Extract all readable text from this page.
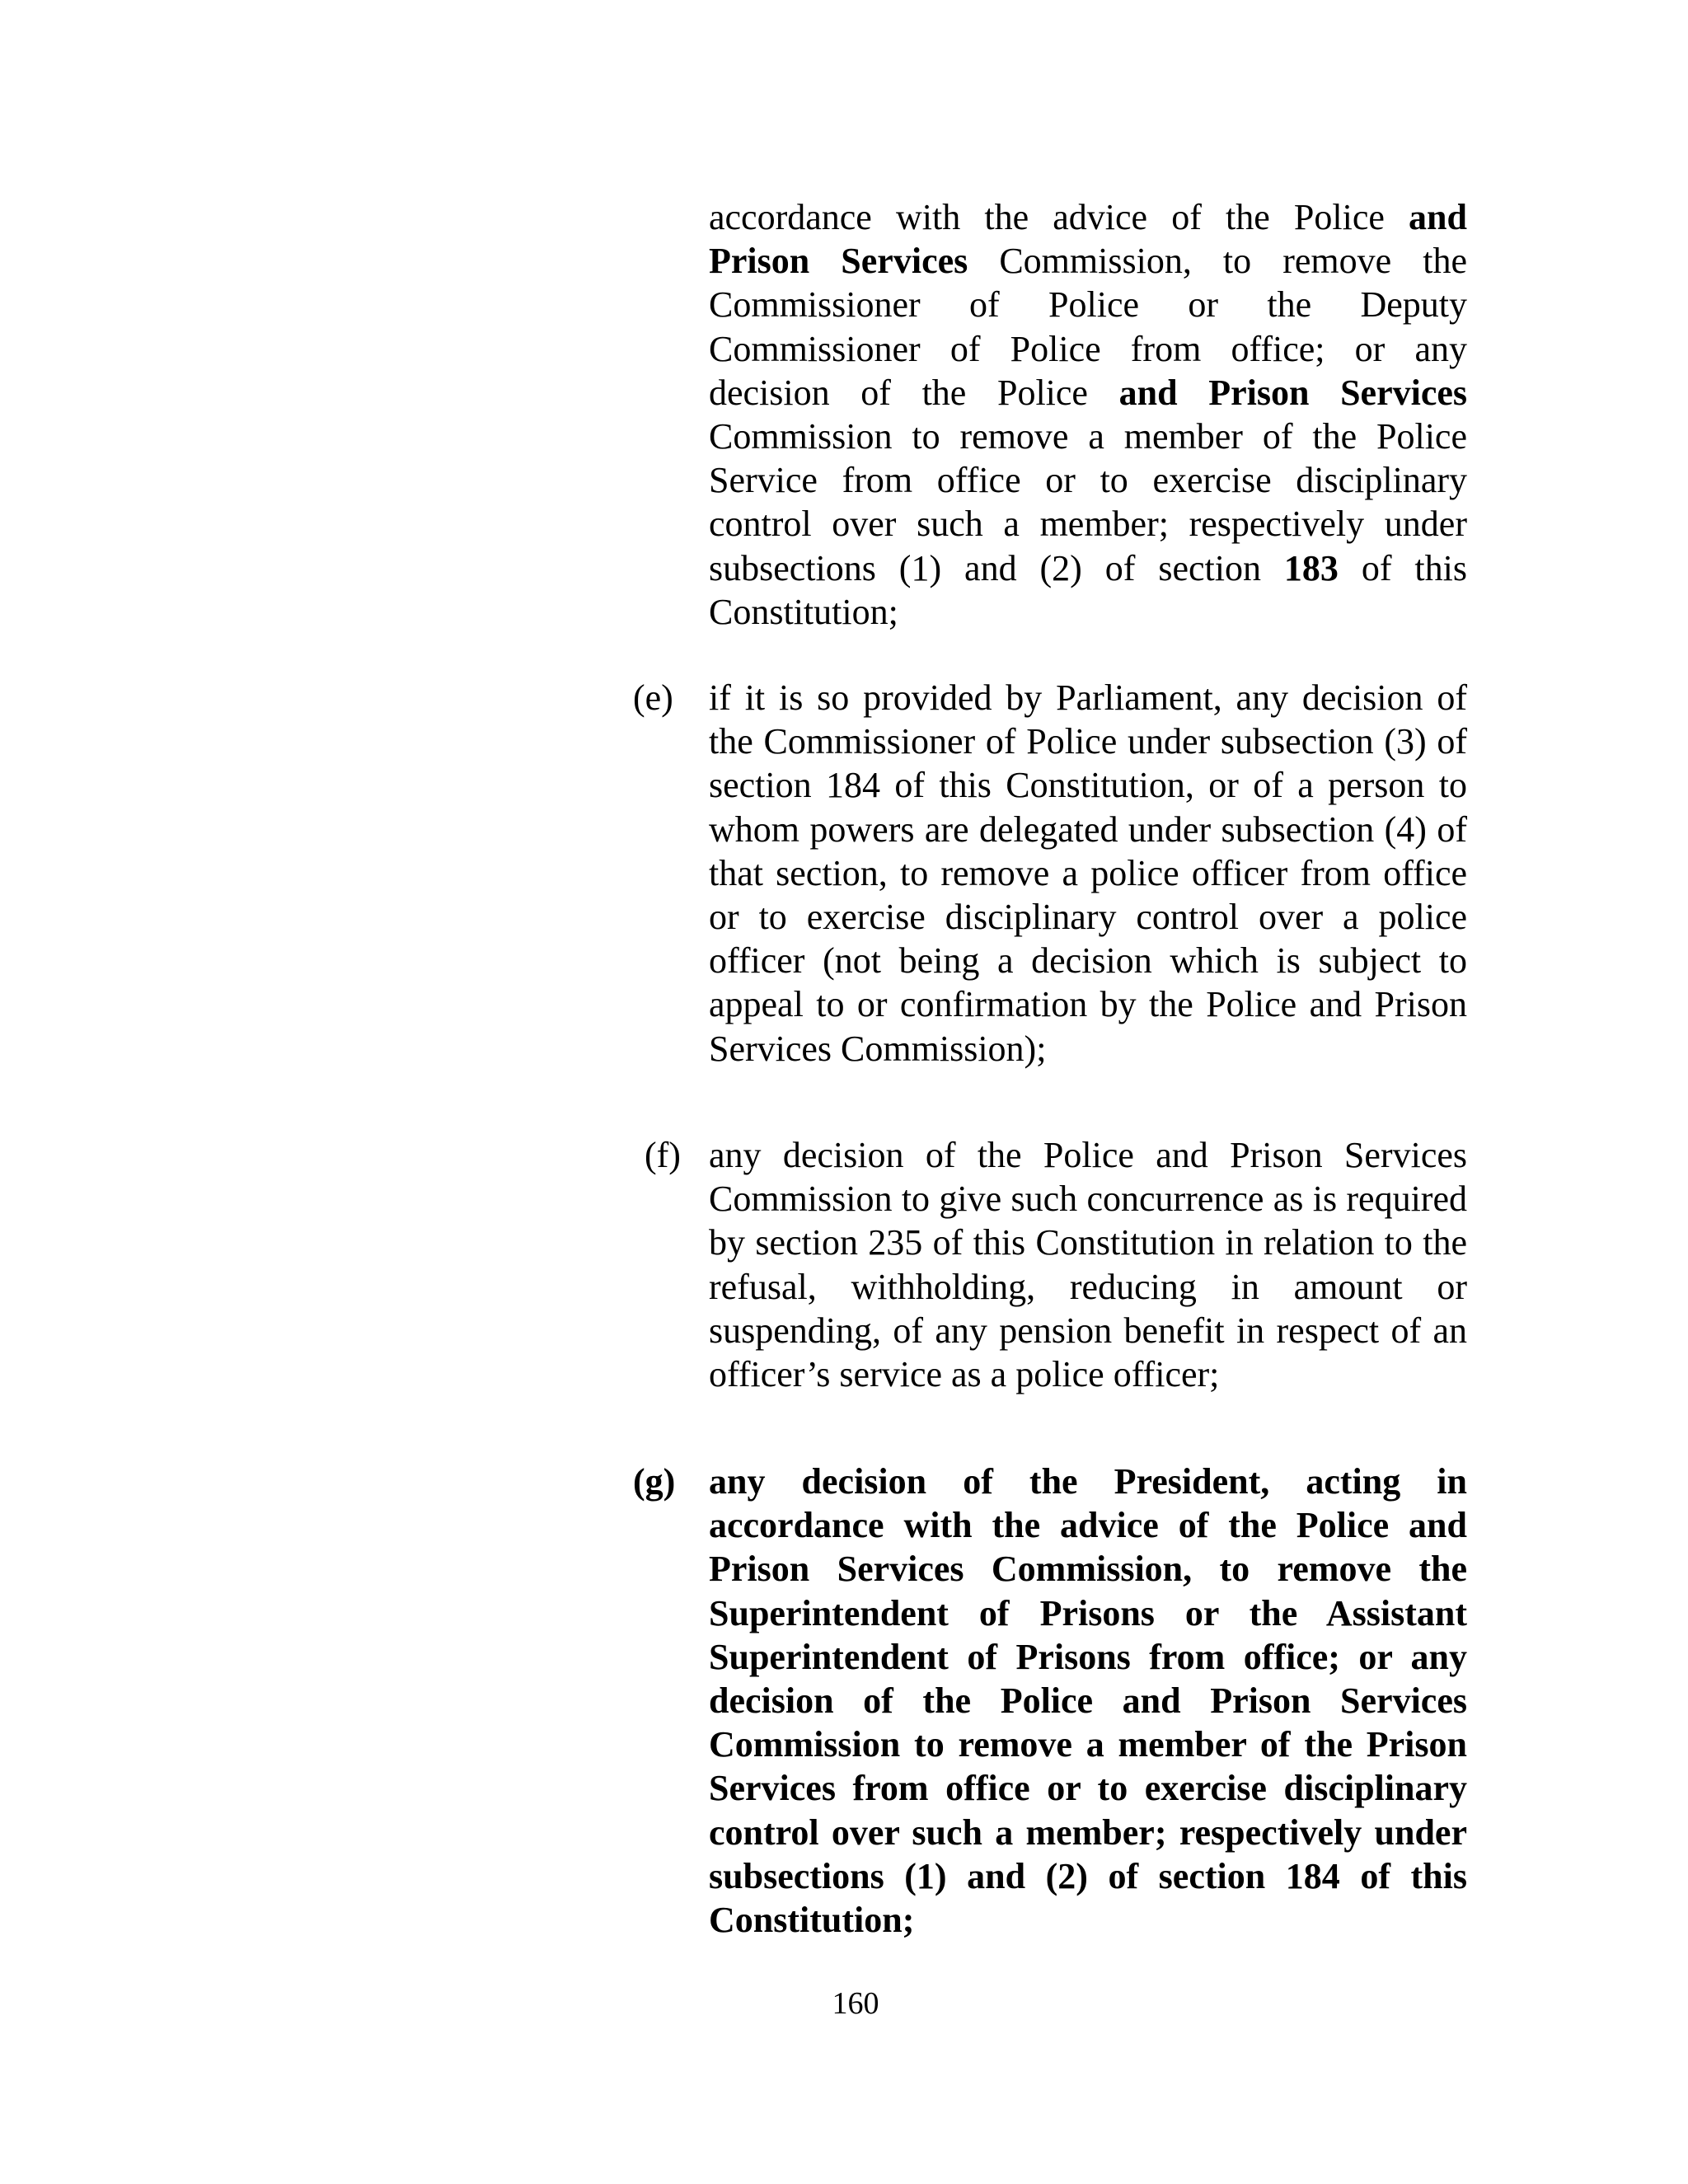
accordance with the advice of the Police and Prison Services Commission, to remove the Commissioner of Police or the Deputy Commissioner of Police from office; or any decision of the Police and Prison Services Commission to remove a member of the Police Service from office or to exercise disciplinary control over such a member; respectively under subsections (1) and (2) of section 183 of this Constitution;

(e) if it is so provided by Parliament, any decision of the Commissioner of Police under subsection (3) of section 184 of this Constitution, or of a person to whom powers are delegated under subsection (4) of that section, to remove a police officer from office or to exercise disciplinary control over a police officer (not being a decision which is subject to appeal to or confirmation by the Police and Prison Services Commission);

(f) any decision of the Police and Prison Services Commission to give such concurrence as is required by section 235 of this Constitution in relation to the refusal, withholding, reducing in amount or suspending, of any pension benefit in respect of an officer’s service as a police officer;

(g) any decision of the President, acting in accordance with the advice of the Police and Prison Services Commission, to remove the Superintendent of Prisons or the Assistant Superintendent of Prisons from office; or any decision of the Police and Prison Services Commission to remove a member of the Prison Services from office or to exercise disciplinary control over such a member; respectively under subsections (1) and (2) of section 184 of this Constitution;

160
